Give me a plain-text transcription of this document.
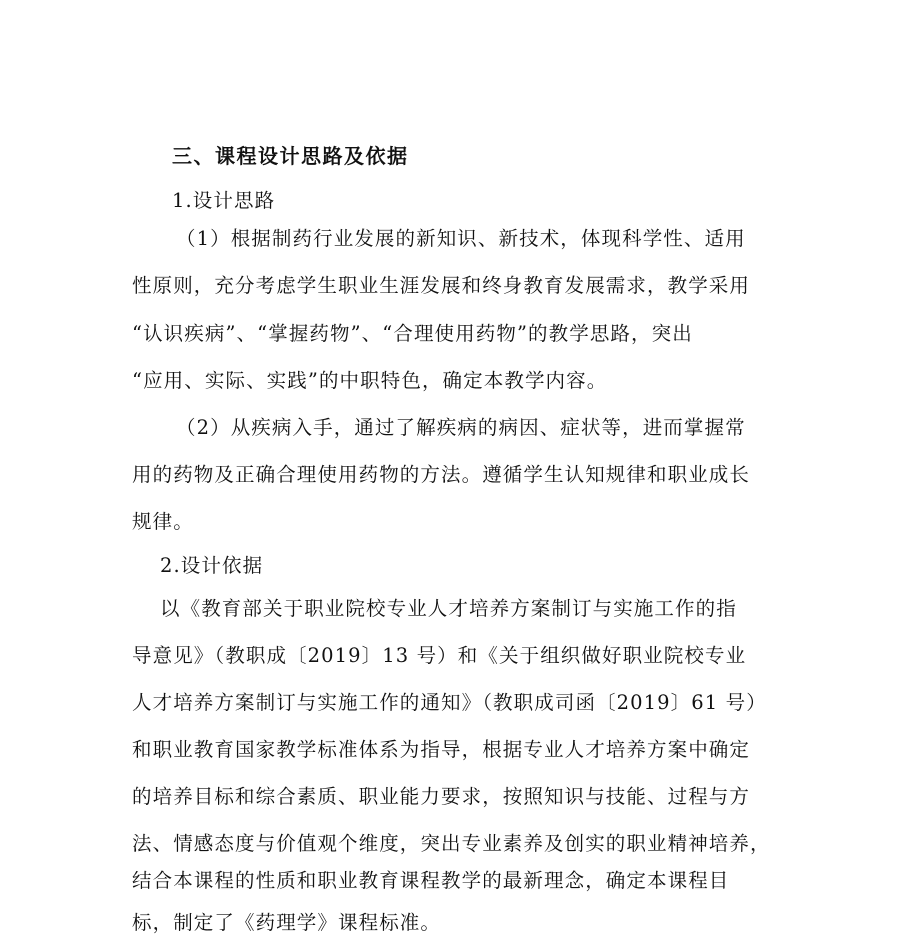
三、课程设计思路及依据
1.设计思路
（1）根据制药行业发展的新知识、新技术，体现科学性、适用
性原则，充分考虑学生职业生涯发展和终身教育发展需求，教学采用
“认识疾病”、“掌握药物”、“合理使用药物”的教学思路，突出
“应用、实际、实践”的中职特色，确定本教学内容。
（2）从疾病入手，通过了解疾病的病因、症状等，进而掌握常
用的药物及正确合理使用药物的方法。遵循学生认知规律和职业成长
规律。
2.设计依据
以《教育部关于职业院校专业人才培养方案制订与实施工作的指
导意见》（教职成〔2019〕13 号）和《关于组织做好职业院校专业
人才培养方案制订与实施工作的通知》（教职成司函〔2019〕61 号）
和职业教育国家教学标准体系为指导，根据专业人才培养方案中确定
的培养目标和综合素质、职业能力要求，按照知识与技能、过程与方
法、情感态度与价值观个维度，突出专业素养及创实的职业精神培养，
结合本课程的性质和职业教育课程教学的最新理念，确定本课程目
标，制定了《药理学》课程标准。
